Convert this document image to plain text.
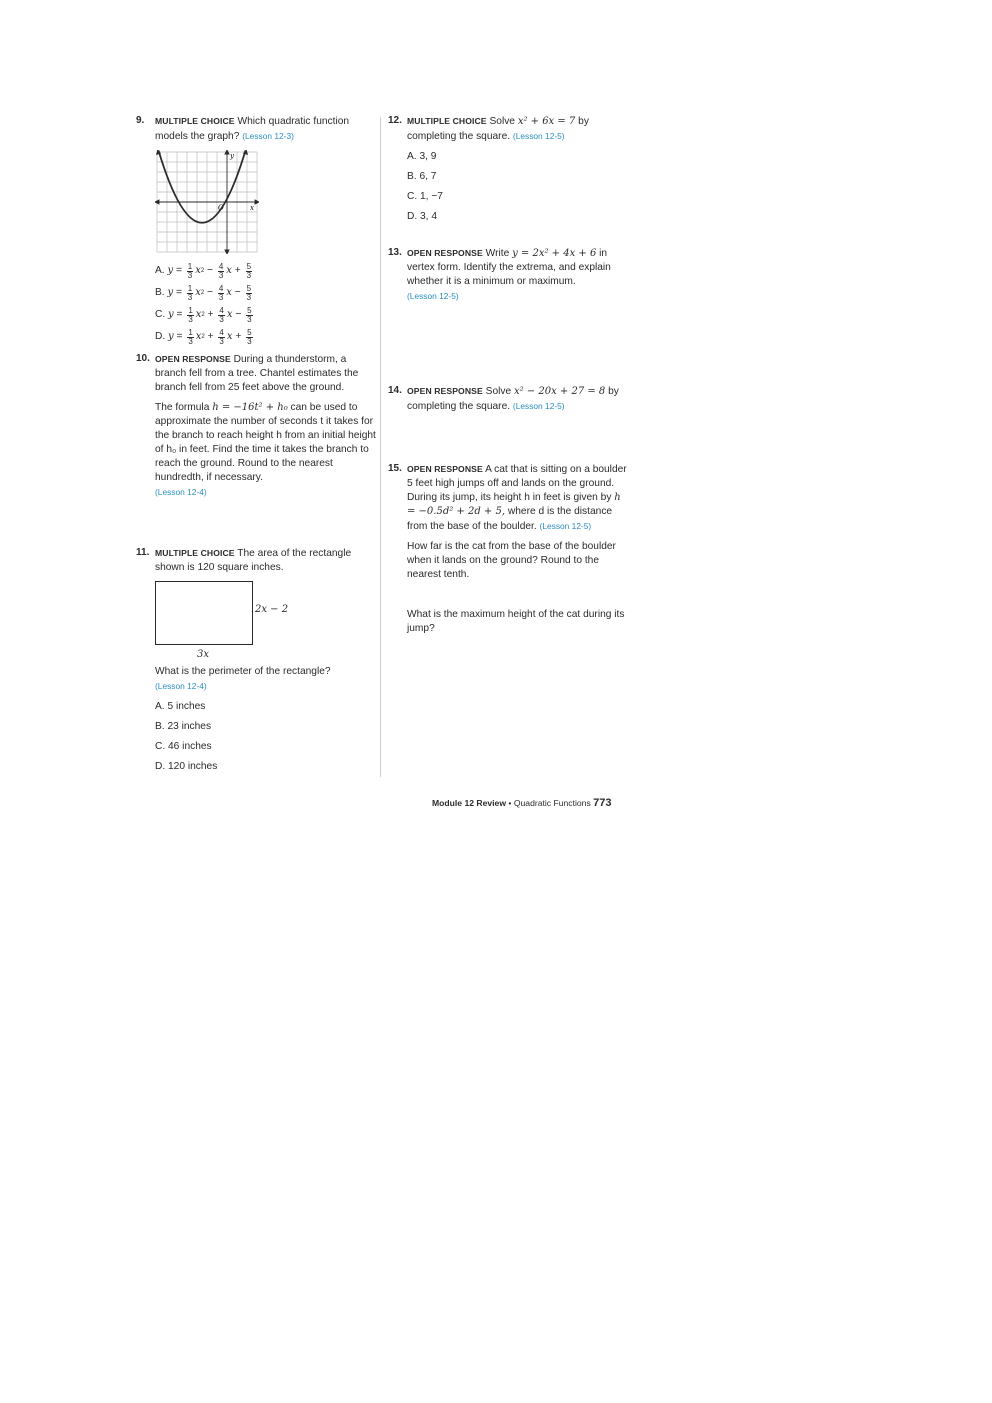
9. MULTIPLE CHOICE Which quadratic function models the graph? (Lesson 12-3)

x
y
O
A.
$y = \frac{1}{3}$ x 2
−
$\frac{4}{3}$ x
+
$\frac{5}{3}$
B.
$y = \frac{1}{3}$ x 2
−
$\frac{4}{3}$ x
−
$\frac{5}{3}$
C.
$y = \frac{1}{3}$ x 2
+
$\frac{4}{3}$ x
−
$\frac{5}{3}$
D.
$y = \frac{1}{3}$ x 2
+
$\frac{4}{3}$ x
+
$\frac{5}{3}$
10. OPEN RESPONSE During a thunderstorm, a branch fell from a tree. Chantel estimates the branch fell from 25 feet above the ground.

The formula h = −16t² + h₀ can be used to approximate the number of seconds t it takes for the branch to reach height h from an initial height of h₀ in feet. Find the time it takes the branch to reach the ground. Round to the nearest hundredth, if necessary.
(Lesson 12-4)

11. MULTIPLE CHOICE The area of the rectangle shown is 120 square inches.

2x − 2
3x

What is the perimeter of the rectangle?
(Lesson 12-4)

A. 5 inches

B. 23 inches

C. 46 inches

D. 120 inches

12. MULTIPLE CHOICE Solve x² + 6x = 7 by completing the square. (Lesson 12-5)

A. 3, 9

B. 6, 7

C. 1, −7

D. 3, 4

13. OPEN RESPONSE Write y = 2x² + 4x + 6 in vertex form. Identify the extrema, and explain whether it is a minimum or maximum.
(Lesson 12-5)

14. OPEN RESPONSE Solve x² − 20x + 27 = 8 by completing the square. (Lesson 12-5)

15. OPEN RESPONSE A cat that is sitting on a boulder 5 feet high jumps off and lands on the ground. During its jump, its height h in feet is given by h = −0.5d² + 2d + 5, where d is the distance from the base of the boulder. (Lesson 12-5)

How far is the cat from the base of the boulder when it lands on the ground? Round to the nearest tenth.

What is the maximum height of the cat during its jump?

Module 12 Review • Quadratic Functions 773
